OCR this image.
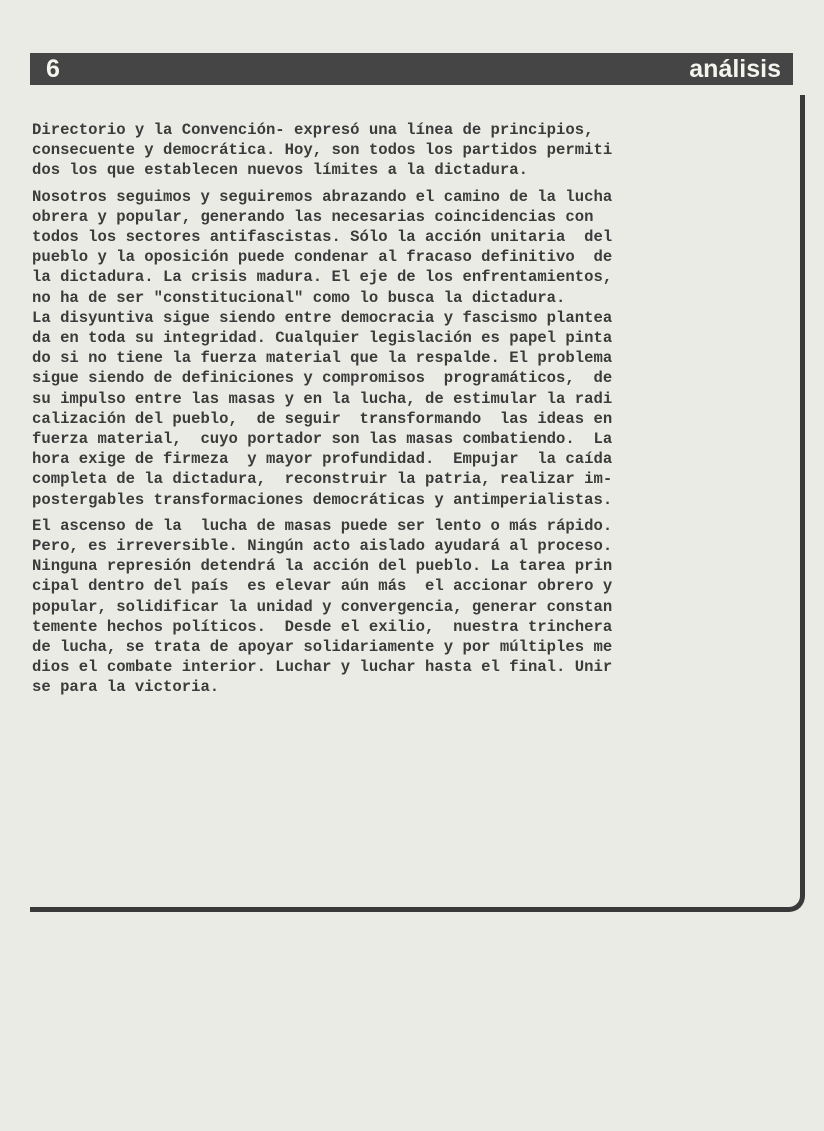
6	análisis
Directorio y la Convención- expresó una línea de principios,
consecuente y democrática. Hoy, son todos los partidos permiti
dos los que establecen nuevos límites a la dictadura.
Nosotros seguimos y seguiremos abrazando el camino de la lucha
obrera y popular, generando las necesarias coincidencias con
todos los sectores antifascistas. Sólo la acción unitaria  del
pueblo y la oposición puede condenar al fracaso definitivo  de
la dictadura. La crisis madura. El eje de los enfrentamientos,
no ha de ser "constitucional" como lo busca la dictadura.
La disyuntiva sigue siendo entre democracia y fascismo plantea
da en toda su integridad. Cualquier legislación es papel pinta
do si no tiene la fuerza material que la respalde. El problema
sigue siendo de definiciones y compromisos  programáticos,  de
su impulso entre las masas y en la lucha, de estimular la radi
calización del pueblo,  de seguir  transformando  las ideas en
fuerza material,  cuyo portador son las masas combatiendo.  La
hora exige de firmeza  y mayor profundidad.  Empujar  la caída
completa de la dictadura,  reconstruir la patria, realizar im-
postergables transformaciones democráticas y antimperialistas.
El ascenso de la  lucha de masas puede ser lento o más rápido.
Pero, es irreversible. Ningún acto aislado ayudará al proceso.
Ninguna represión detendrá la acción del pueblo. La tarea prin
cipal dentro del país  es elevar aún más  el accionar obrero y
popular, solidificar la unidad y convergencia, generar constan
temente hechos políticos.  Desde el exilio,  nuestra trinchera
de lucha, se trata de apoyar solidariamente y por múltiples me
dios el combate interior. Luchar y luchar hasta el final. Unir
se para la victoria.
